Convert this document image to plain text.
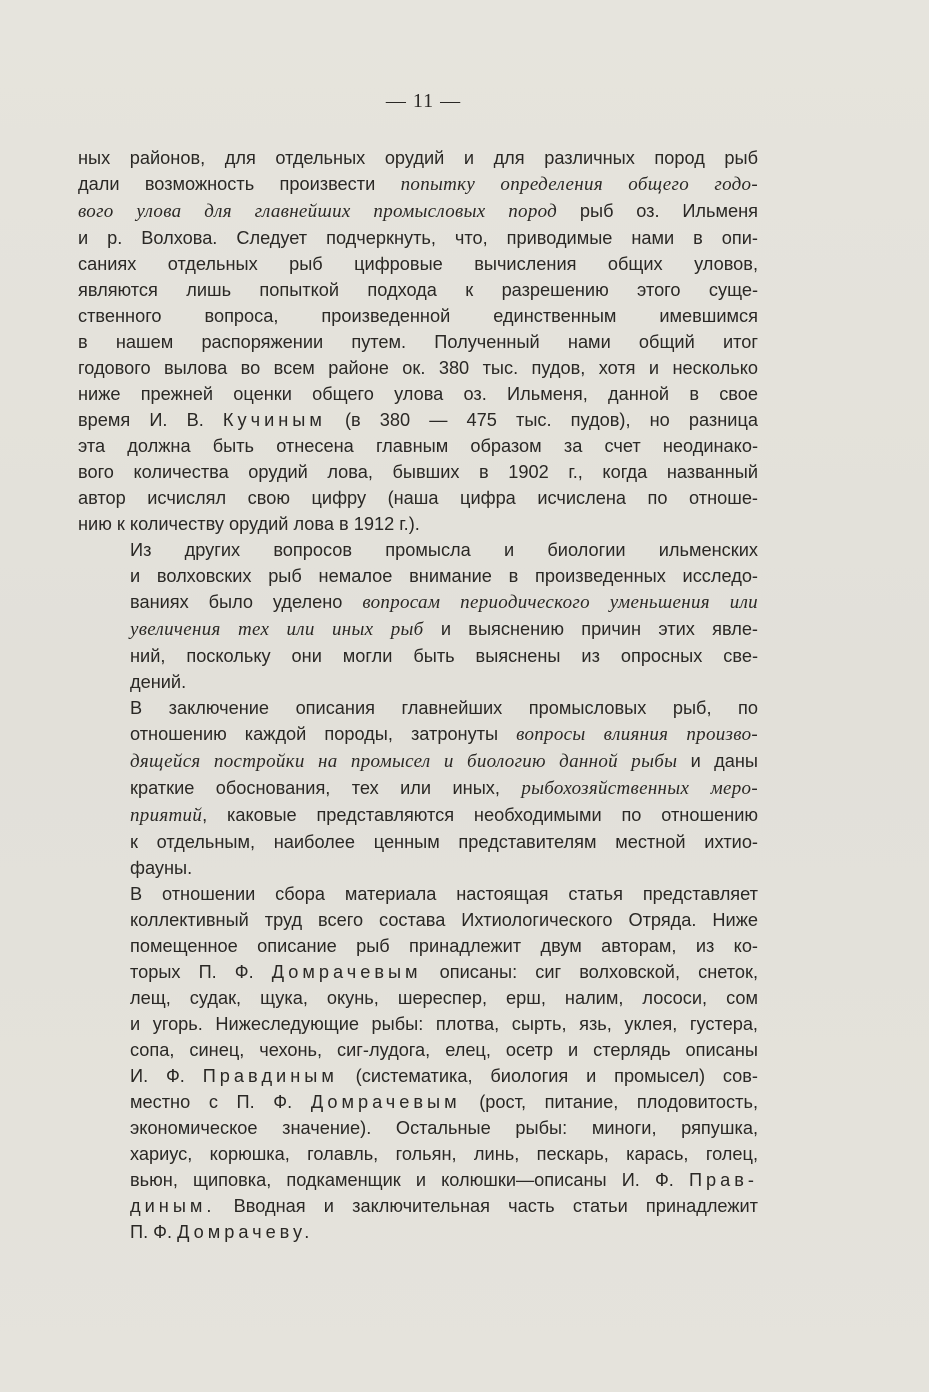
— 11 —

ных районов, для отдельных орудий и для различных пород рыб
дали возможность произвести попытку определения общего годо-
вого улова для главнейших промысловых пород рыб оз. Ильменя
и р. Волхова. Следует подчеркнуть, что, приводимые нами в опи-
саниях отдельных рыб цифровые вычисления общих уловов,
являются лишь попыткой подхода к разрешению этого суще-
ственного вопроса, произведенной единственным имевшимся
в нашем распоряжении путем. Полученный нами общий итог
годового вылова во всем районе ок. 380 тыс. пудов, хотя и несколько
ниже прежней оценки общего улова оз. Ильменя, данной в свое
время И. В. Кучиным (в 380 — 475 тыс. пудов), но разница
эта должна быть отнесена главным образом за счет неодинако-
вого количества орудий лова, бывших в 1902 г., когда названный
автор исчислял свою цифру (наша цифра исчислена по отноше-
нию к количеству орудий лова в 1912 г.).

Из других вопросов промысла и биологии ильменских
и волховских рыб немалое внимание в произведенных исследо-
ваниях было уделено вопросам периодического уменьшения или
увеличения тех или иных рыб и выяснению причин этих явле-
ний, поскольку они могли быть выяснены из опросных све-
дений.

В заключение описания главнейших промысловых рыб, по
отношению каждой породы, затронуты вопросы влияния произво-
дящейся постройки на промысел и биологию данной рыбы и даны
краткие обоснования, тех или иных, рыбохозяйственных меро-
приятий, каковые представляются необходимыми по отношению
к отдельным, наиболее ценным представителям местной ихтио-
фауны.

В отношении сбора материала настоящая статья представляет
коллективный труд всего состава Ихтиологического Отряда. Ниже
помещенное описание рыб принадлежит двум авторам, из ко-
торых П. Ф. Домрачевым описаны: сиг волховской, снеток,
лещ, судак, щука, окунь, шереспер, ерш, налим, лососи, сом
и угорь. Нижеследующие рыбы: плотва, сырть, язь, уклея, густера,
сопа, синец, чехонь, сиг-лудога, елец, осетр и стерлядь описаны
И. Ф. Правдиным (систематика, биология и промысел) сов-
местно с П. Ф. Домрачевым (рост, питание, плодовитость,
экономическое значение). Остальные рыбы: миноги, ряпушка,
хариус, корюшка, голавль, гольян, линь, пескарь, карась, голец,
вьюн, щиповка, подкаменщик и колюшки—описаны И. Ф. Прав-
диным. Вводная и заключительная часть статьи принадлежит
П. Ф. Домрачеву.
